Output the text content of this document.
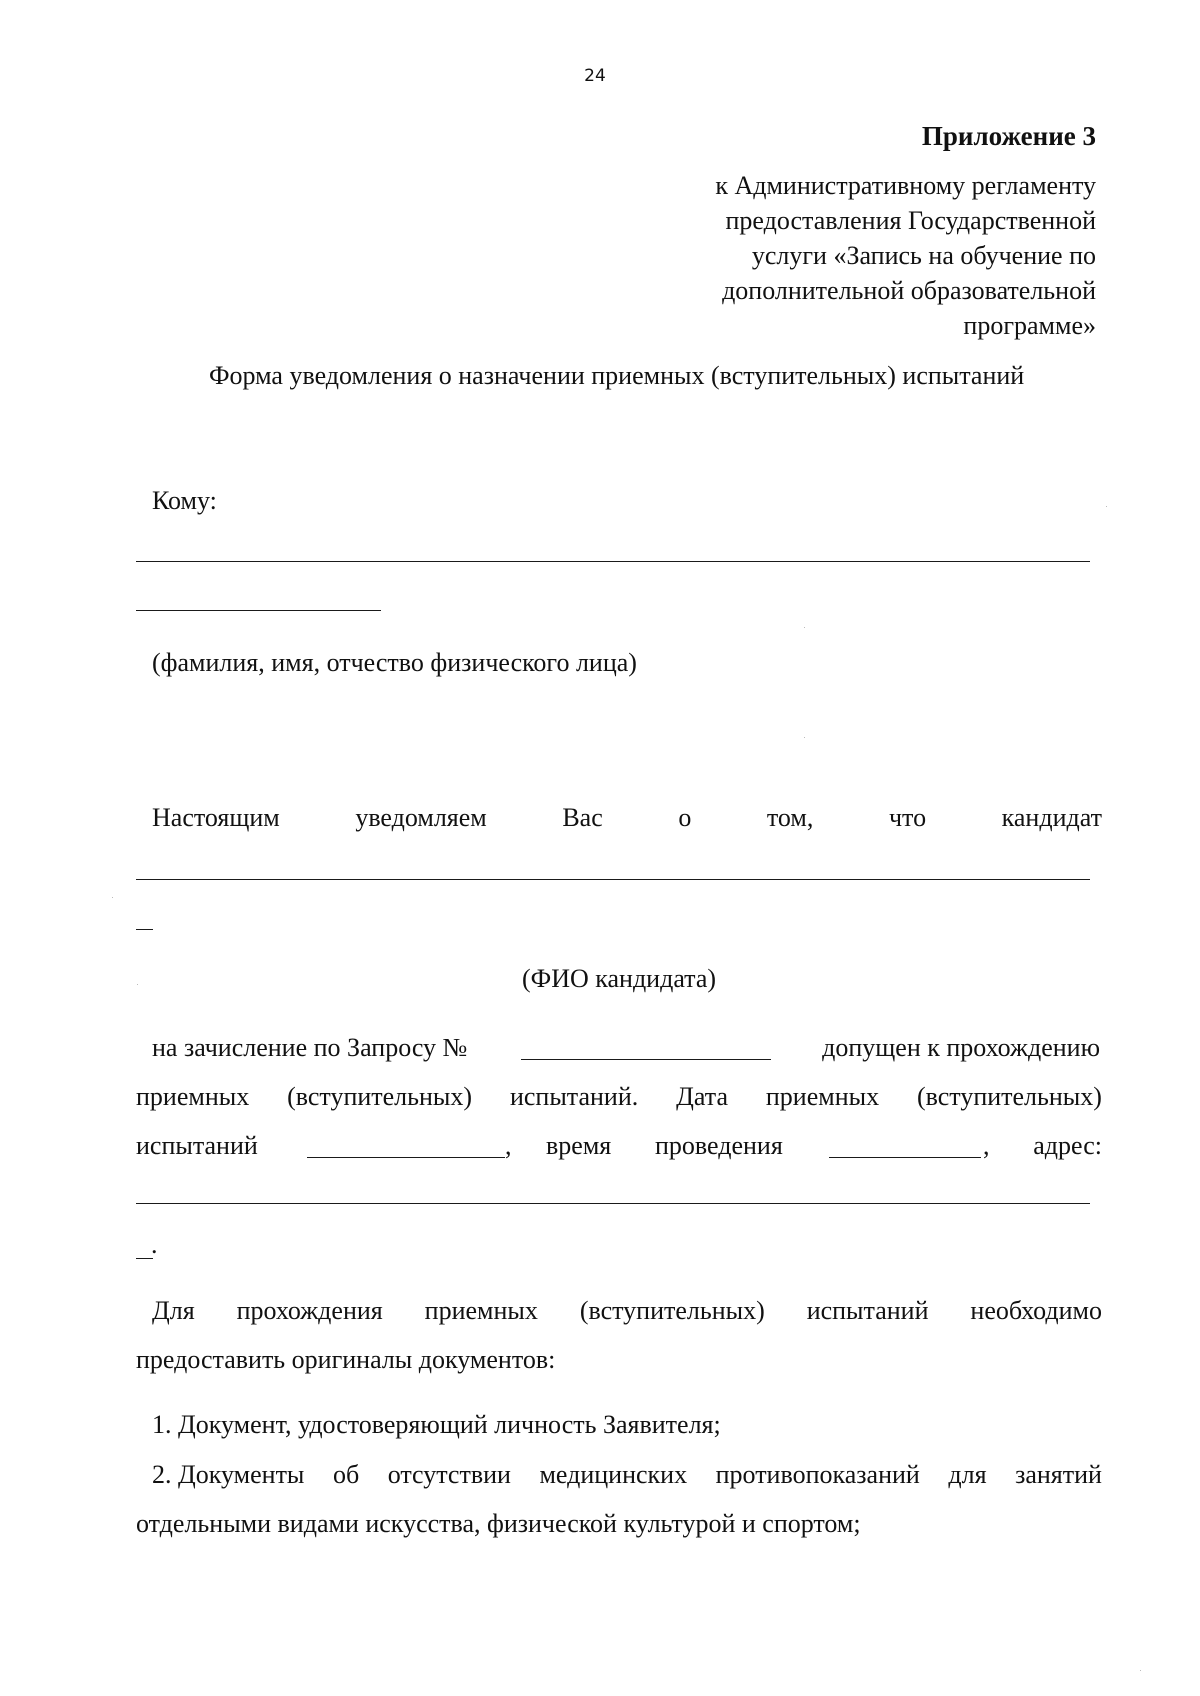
24
Приложение 3
к Административному регламенту
предоставления Государственной
услуги «Запись на обучение по
дополнительной образовательной
программе»
Форма уведомления о назначении приемных (вступительных) испытаний
Кому:
(фамилия, имя, отчество физического лица)
Настоящим	уведомляем	Вас	о	том,	что	кандидат
(ФИО кандидата)
на зачисление по Запросу №	допущен к прохождению
приемных (вступительных) испытаний. Дата приемных (вступительных)
испытаний	, время проведения	, адрес:
.
Для прохождения приемных (вступительных) испытаний необходимо
предоставить оригиналы документов:
1. Документ, удостоверяющий личность Заявителя;
2. Документы об отсутствии медицинских противопоказаний для занятий
отдельными видами искусства, физической культурой и спортом;
